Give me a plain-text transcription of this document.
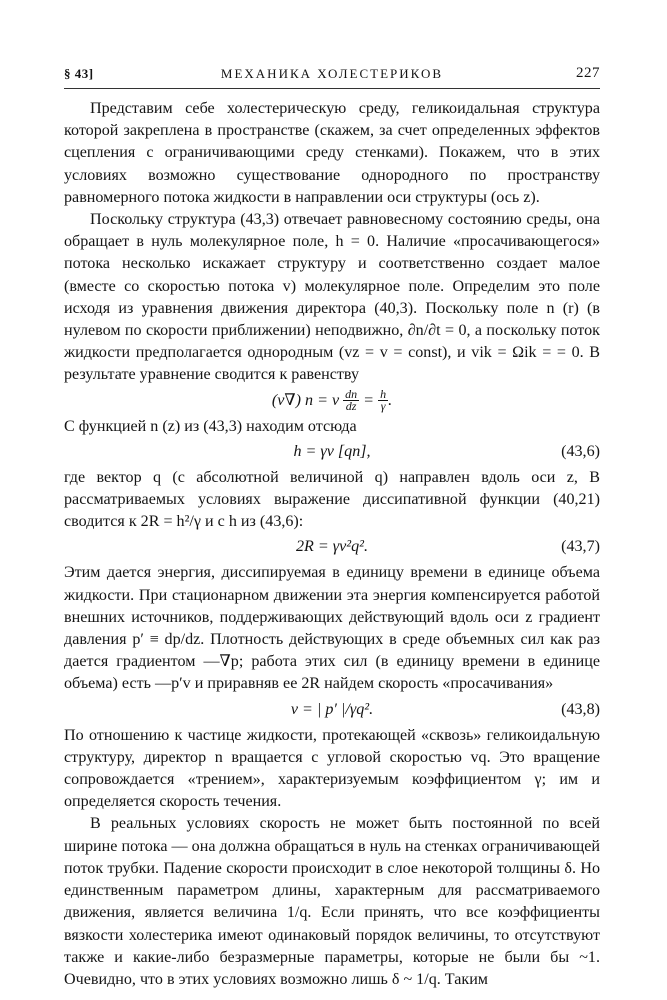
§ 43]	МЕХАНИКА ХОЛЕСТЕРИКОВ	227

Представим себе холестерическую среду, геликоидальная структура которой закреплена в пространстве (скажем, за счет определенных эффектов сцепления с ограничивающими среду стенками). Покажем, что в этих условиях возможно существование однородного по пространству равномерного потока жидкости в направлении оси структуры (ось z).

Поскольку структура (43,3) отвечает равновесному состоянию среды, она обращает в нуль молекулярное поле, h = 0. Наличие «просачивающегося» потока несколько искажает структуру и соответственно создает малое (вместе со скоростью потока v) молекулярное поле. Определим это поле исходя из уравнения движения директора (40,3). Поскольку поле n (r) (в нулевом по скорости приближении) неподвижно, ∂n/∂t = 0, а поскольку поток жидкости предполагается однородным (vz = v = const), и vik = Ωik = = 0. В результате уравнение сводится к равенству

(v∇) n = v $\frac{dn}{dz} = \frac{h}{\gamma}$ .

С функцией n (z) из (43,3) находим отсюда

h = γv [qn],	(43,6)

где вектор q (с абсолютной величиной q) направлен вдоль оси z, В рассматриваемых условиях выражение диссипативной функции (40,21) сводится к 2R = h²/γ и с h из (43,6):

2R = γv²q².	(43,7)

Этим дается энергия, диссипируемая в единицу времени в единице объема жидкости. При стационарном движении эта энергия компенсируется работой внешних источников, поддерживающих действующий вдоль оси z градиент давления p′ ≡ dp/dz. Плотность действующих в среде объемных сил как раз дается градиентом —∇p; работа этих сил (в единицу времени в единице объема) есть —p′v и приравняв ее 2R найдем скорость «просачивания»

v = | p′ |/γq².	(43,8)

По отношению к частице жидкости, протекающей «сквозь» геликоидальную структуру, директор n вращается с угловой скоростью vq. Это вращение сопровождается «трением», характеризуемым коэффициентом γ; им и определяется скорость течения.

В реальных условиях скорость не может быть постоянной по всей ширине потока — она должна обращаться в нуль на стенках ограничивающей поток трубки. Падение скорости происходит в слое некоторой толщины δ. Но единственным параметром длины, характерным для рассматриваемого движения, является величина 1/q. Если принять, что все коэффициенты вязкости холестерика имеют одинаковый порядок величины, то отсутствуют также и какие-либо безразмерные параметры, которые не были бы ~1. Очевидно, что в этих условиях возможно лишь δ ~ 1/q. Таким
